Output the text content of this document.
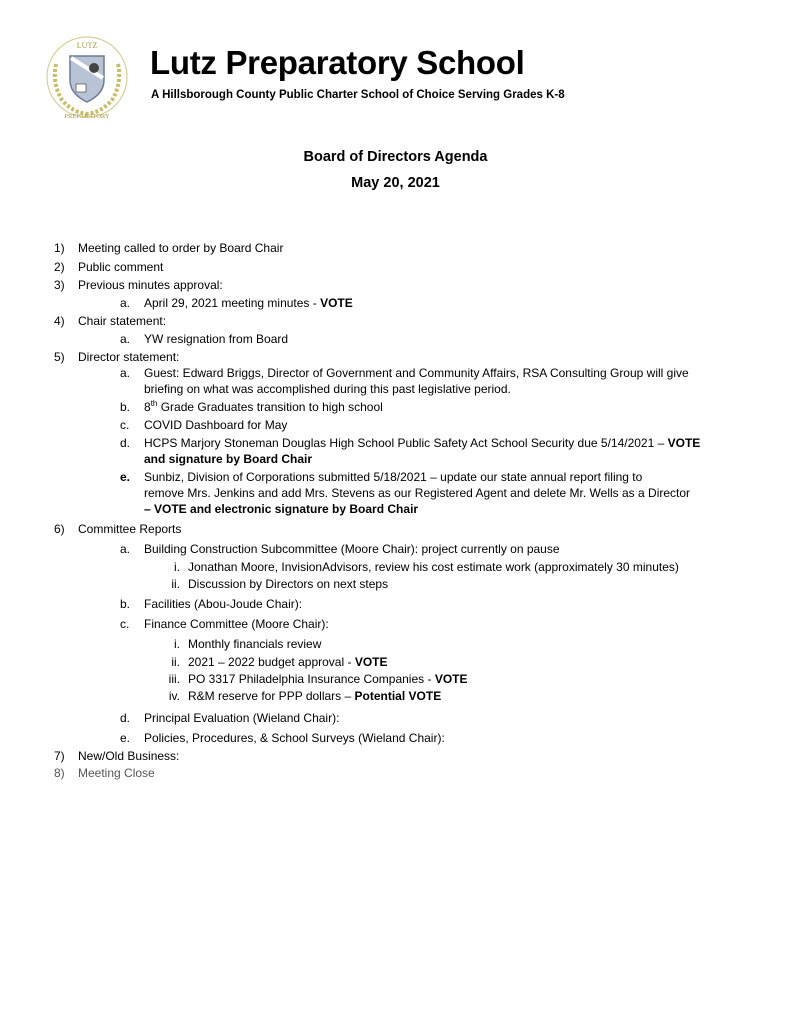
LUTZ
PREPARATORY
Lutz Preparatory School
A Hillsborough County Public Charter School of Choice Serving Grades K-8
Board of Directors Agenda
May 20, 2021
1) Meeting called to order by Board Chair
2) Public comment
3) Previous minutes approval:
a. April 29, 2021 meeting minutes - VOTE
4) Chair statement:
a. YW resignation from Board
5) Director statement:
a. Guest: Edward Briggs, Director of Government and Community Affairs, RSA Consulting Group will give
briefing on what was accomplished during this past legislative period.
b. 8th Grade Graduates transition to high school
c. COVID Dashboard for May
d. HCPS Marjory Stoneman Douglas High School Public Safety Act School Security due 5/14/2021 – VOTE
and signature by Board Chair
e. Sunbiz, Division of Corporations submitted 5/18/2021 – update our state annual report filing to
remove Mrs. Jenkins and add Mrs. Stevens as our Registered Agent and delete Mr. Wells as a Director
– VOTE and electronic signature by Board Chair
6) Committee Reports
a. Building Construction Subcommittee (Moore Chair): project currently on pause
i. Jonathan Moore, InvisionAdvisors, review his cost estimate work (approximately 30 minutes)
ii. Discussion by Directors on next steps
b. Facilities (Abou-Joude Chair):
c. Finance Committee (Moore Chair):
i. Monthly financials review
ii. 2021 – 2022 budget approval - VOTE
iii. PO 3317 Philadelphia Insurance Companies - VOTE
iv. R&M reserve for PPP dollars – Potential VOTE
d. Principal Evaluation (Wieland Chair):
e. Policies, Procedures, & School Surveys (Wieland Chair):
7) New/Old Business:
8) Meeting Close
